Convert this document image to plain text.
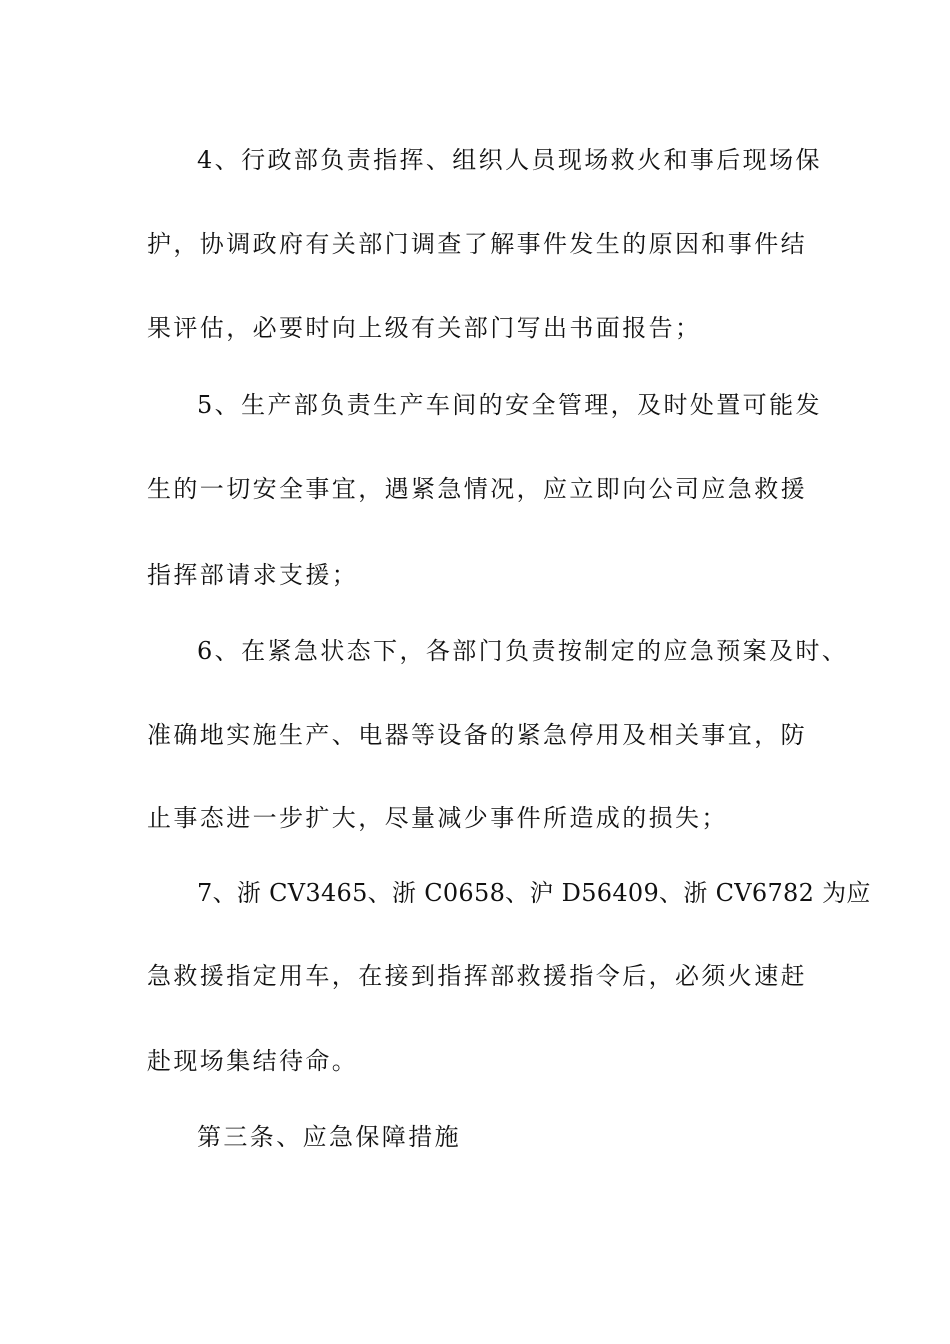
4、行政部负责指挥、组织人员现场救火和事后现场保
护，协调政府有关部门调查了解事件发生的原因和事件结
果评估，必要时向上级有关部门写出书面报告；
5、生产部负责生产车间的安全管理，及时处置可能发
生的一切安全事宜，遇紧急情况，应立即向公司应急救援
指挥部请求支援；
6、在紧急状态下，各部门负责按制定的应急预案及时、
准确地实施生产、电器等设备的紧急停用及相关事宜，防
止事态进一步扩大，尽量减少事件所造成的损失；
7、浙 CV3465、浙 C0658、沪 D56409、浙 CV6782 为应
急救援指定用车，在接到指挥部救援指令后，必须火速赶
赴现场集结待命。
第三条、应急保障措施
